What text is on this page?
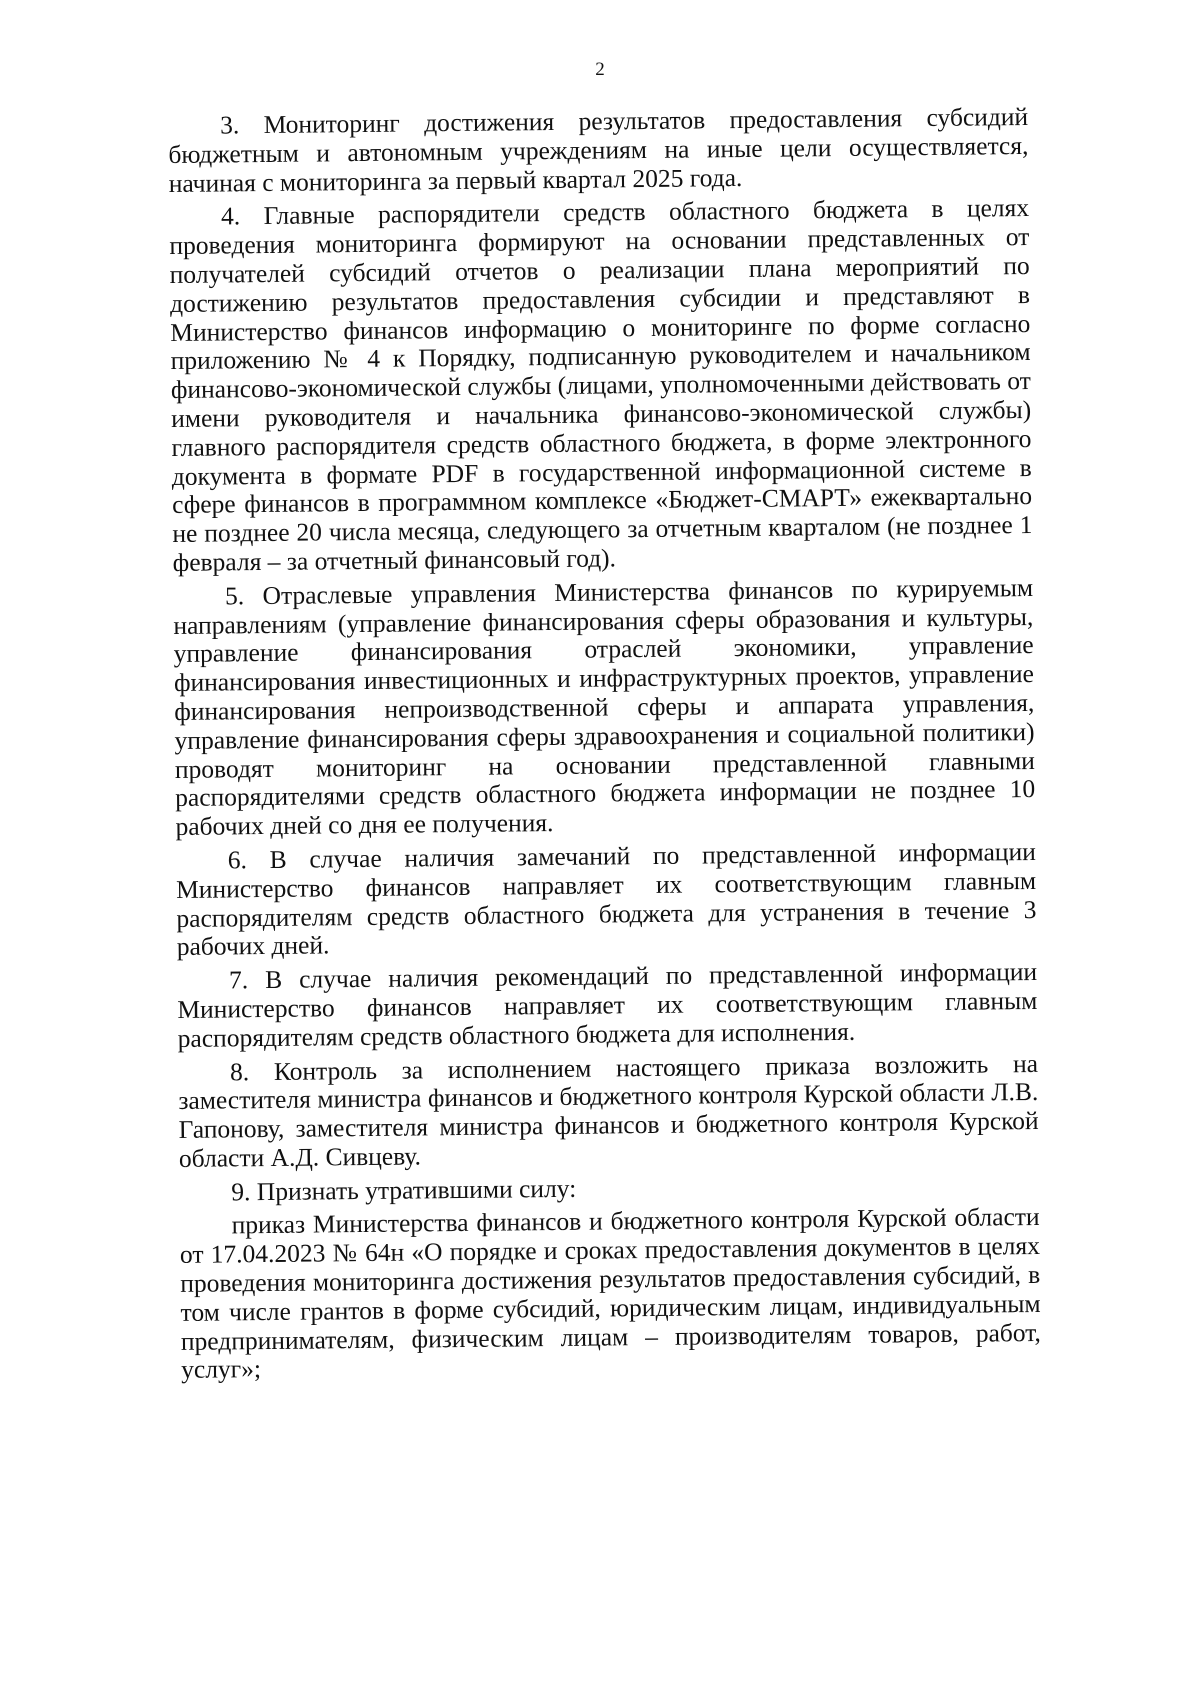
2

3. Мониторинг достижения результатов предоставления субсидий бюджетным и автономным учреждениям на иные цели осуществляется, начиная с мониторинга за первый квартал 2025 года.

4. Главные распорядители средств областного бюджета в целях проведения мониторинга формируют на основании представленных от получателей субсидий отчетов о реализации плана мероприятий по достижению результатов предоставления субсидии и представляют в Министерство финансов информацию о мониторинге по форме согласно приложению № 4 к Порядку, подписанную руководителем и начальником финансово-экономической службы (лицами, уполномоченными действовать от имени руководителя и начальника финансово-экономической службы) главного распорядителя средств областного бюджета, в форме электронного документа в формате PDF в государственной информационной системе в сфере финансов в программном комплексе «Бюджет-СМАРТ» ежеквартально не позднее 20 числа месяца, следующего за отчетным кварталом (не позднее 1 февраля – за отчетный финансовый год).

5. Отраслевые управления Министерства финансов по курируемым направлениям (управление финансирования сферы образования и культуры, управление финансирования отраслей экономики, управление финансирования инвестиционных и инфраструктурных проектов, управление финансирования непроизводственной сферы и аппарата управления, управление финансирования сферы здравоохранения и социальной политики) проводят мониторинг на основании представленной главными распорядителями средств областного бюджета информации не позднее 10 рабочих дней со дня ее получения.

6. В случае наличия замечаний по представленной информации Министерство финансов направляет их соответствующим главным распорядителям средств областного бюджета для устранения в течение 3 рабочих дней.

7. В случае наличия рекомендаций по представленной информации Министерство финансов направляет их соответствующим главным распорядителям средств областного бюджета для исполнения.

8. Контроль за исполнением настоящего приказа возложить на заместителя министра финансов и бюджетного контроля Курской области Л.В. Гапонову, заместителя министра финансов и бюджетного контроля Курской области А.Д. Сивцеву.

9. Признать утратившими силу:

приказ Министерства финансов и бюджетного контроля Курской области от 17.04.2023 № 64н «О порядке и сроках предоставления документов в целях проведения мониторинга достижения результатов предоставления субсидий, в том числе грантов в форме субсидий, юридическим лицам, индивидуальным предпринимателям, физическим лицам – производителям товаров, работ, услуг»;
